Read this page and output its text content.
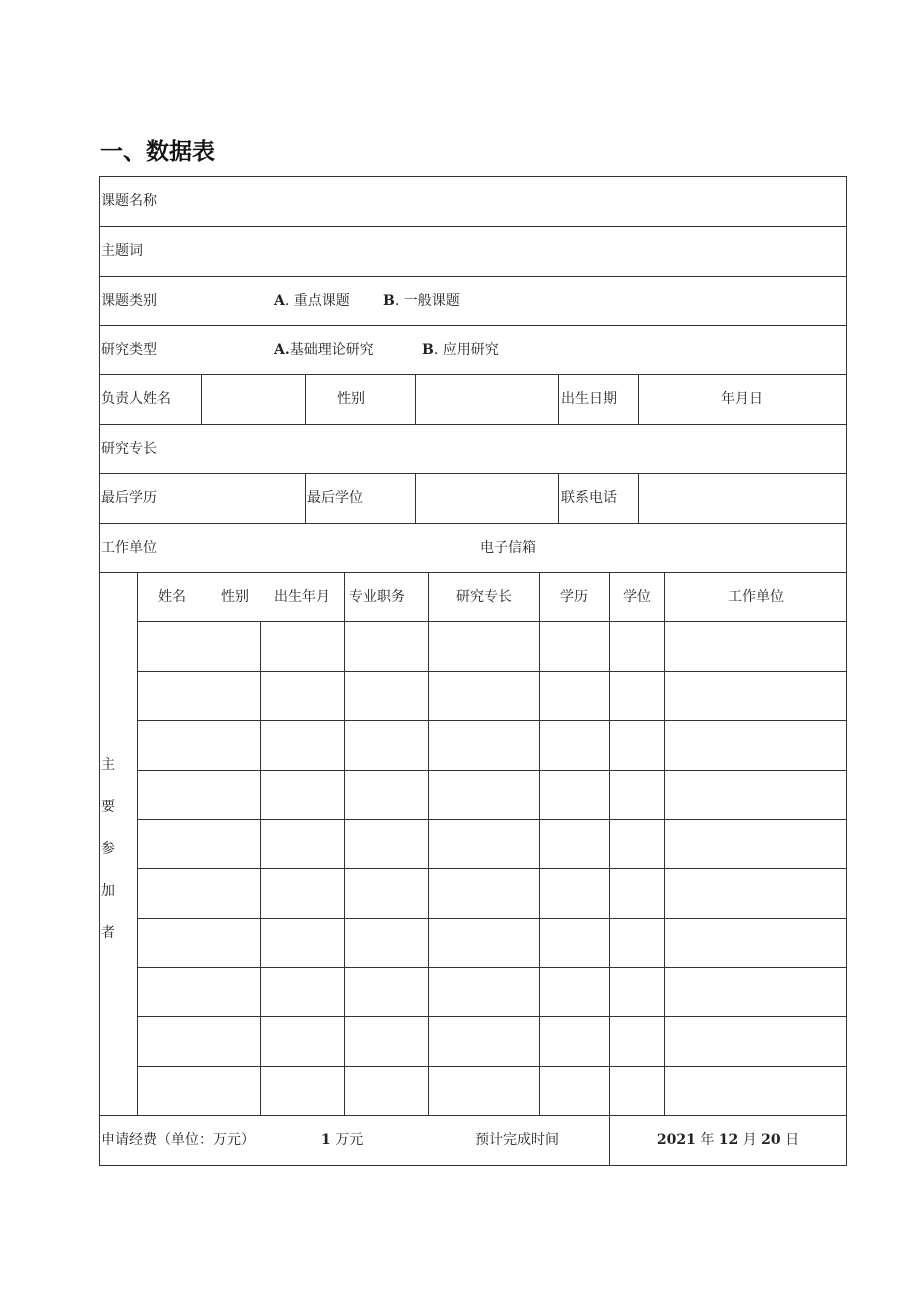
一、数据表
课题名称
主题词
课题类别	A. 重点课题 B. 一般课题
研究类型	A.基础理论研究	B. 应用研究
负责人姓名	性别	出生日期	年月日
研究专长
最后学历	最后学位	联系电话
工作单位	电子信箱
主
要
参
加
者
姓名	性别 出生年月 专业职务	研究专长	学历	学位	工作单位
申请经费（单位：万元）	1 万元	预计完成时间	2021 年 12 月 20 日
